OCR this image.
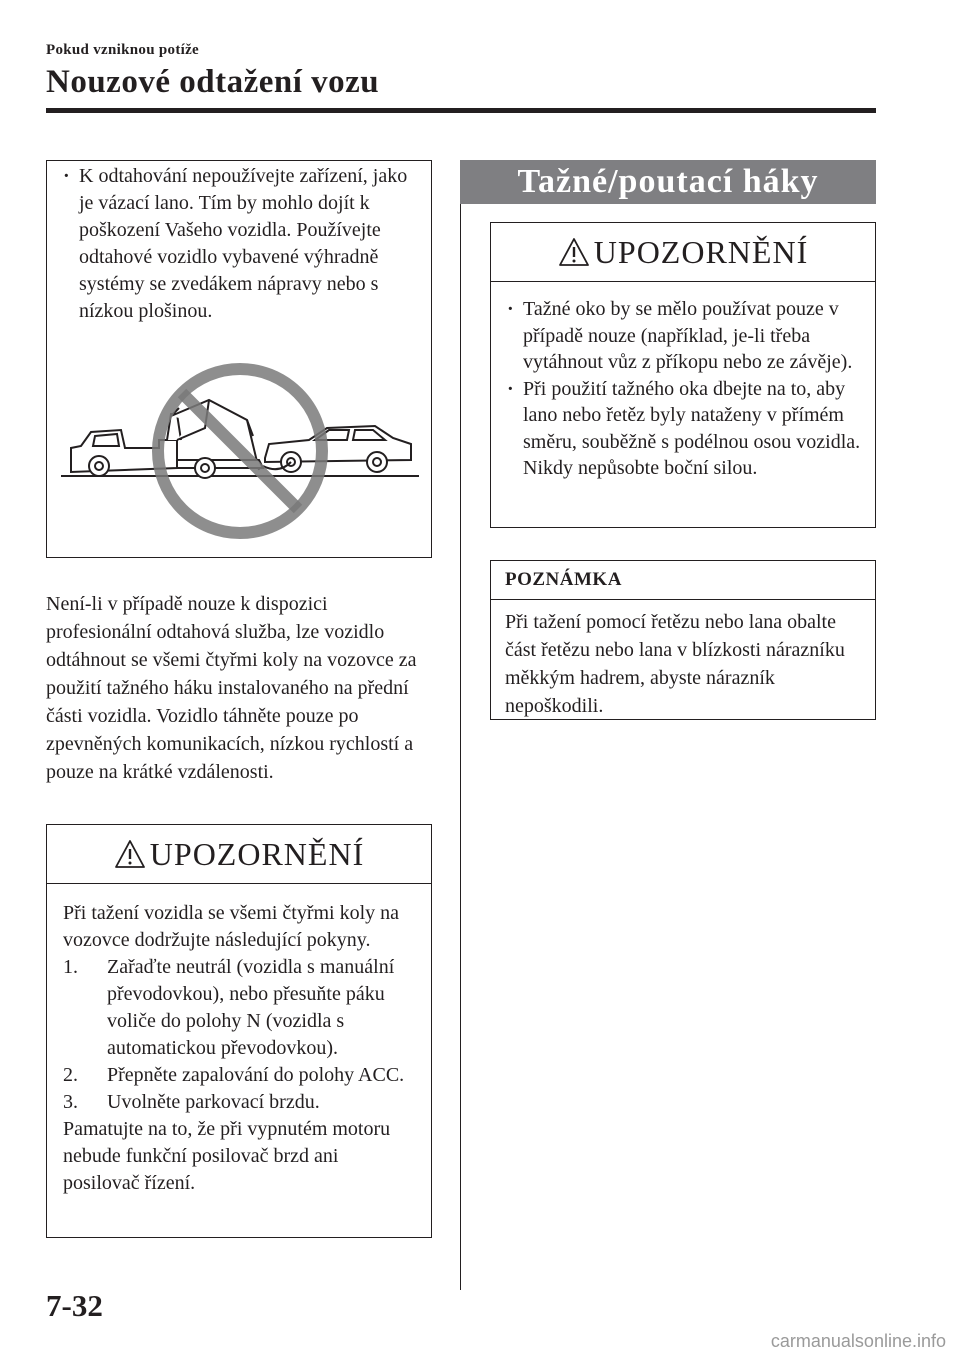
Pokud vzniknou potíže
Nouzové odtažení vozu
· K odtahování nepoužívejte zařízení, jako je vázací lano. Tím by mohlo dojít k poškození Vašeho vozidla. Používejte odtahové vozidlo vybavené výhradně systémy se zvedákem nápravy nebo s nízkou plošinou.

Není-li v případě nouze k dispozici profesionální odtahová služba, lze vozidlo odtáhnout se všemi čtyřmi koly na vozovce za použití tažného háku instalovaného na přední části vozidla. Vozidlo táhněte pouze po zpevněných komunikacích, nízkou rychlostí a pouze na krátké vzdálenosti.

UPOZORNĚNÍ

Při tažení vozidla se všemi čtyřmi koly na vozovce dodržujte následující pokyny.

1. Zařaďte neutrál (vozidla s manuální převodovkou), nebo přesuňte páku voliče do polohy N (vozidla s automatickou převodovkou).
2. Přepněte zapalování do polohy ACC.
3. Uvolněte parkovací brzdu.

Pamatujte na to, že při vypnutém motoru nebude funkční posilovač brzd ani posilovač řízení.

Tažné/poutací háky
UPOZORNĚNÍ
· Tažné oko by se mělo používat pouze v případě nouze (například, je-li třeba vytáhnout vůz z příkopu nebo ze závěje).
· Při použití tažného oka dbejte na to, aby lano nebo řetěz byly nataženy v přímém směru, souběžně s podélnou osou vozidla. Nikdy nepůsobte boční silou.
POZNÁMKA

Při tažení pomocí řetězu nebo lana obalte část řetězu nebo lana v blízkosti nárazníku měkkým hadrem, abyste nárazník nepoškodili.

7-32
carmanualsonline.info
